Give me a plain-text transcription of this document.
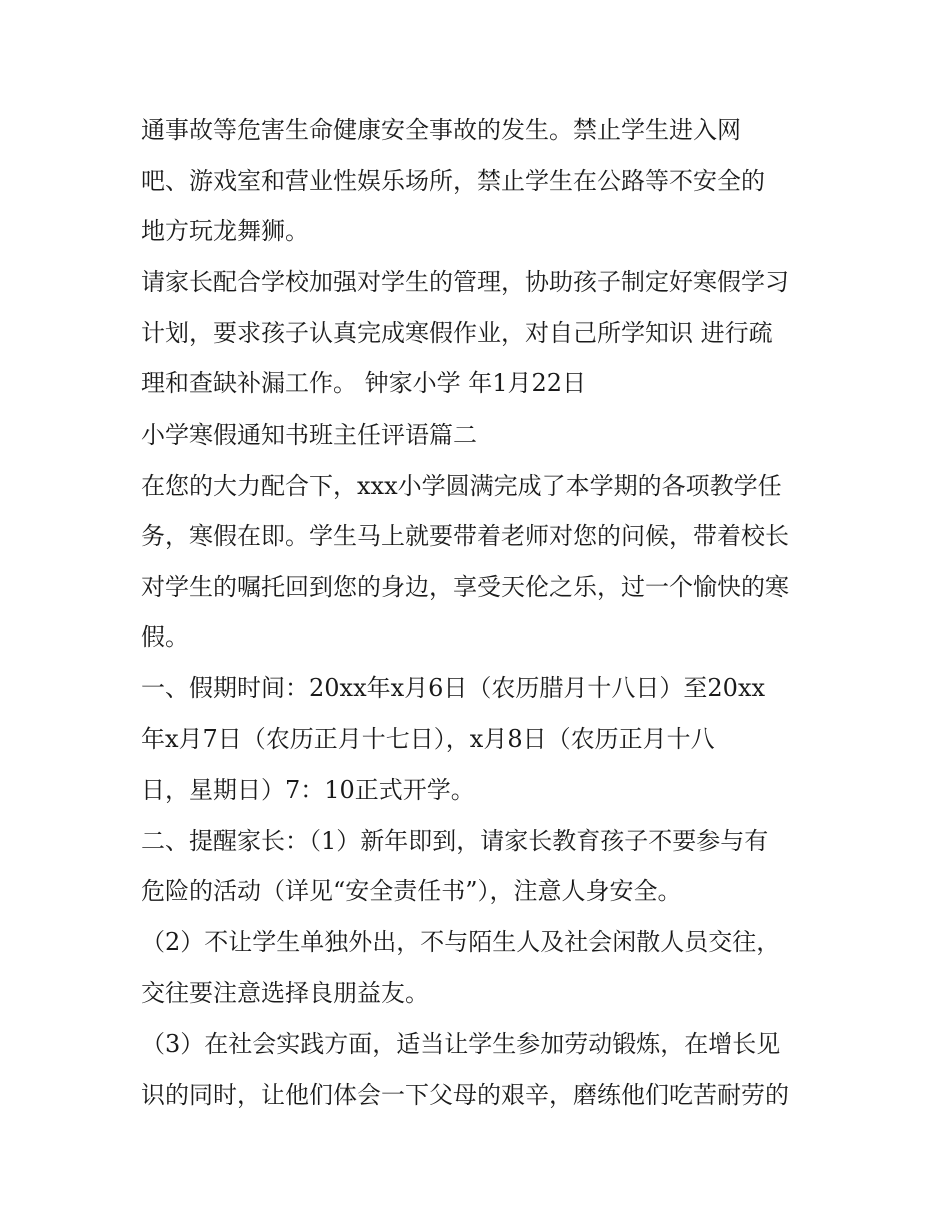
通事故等危害生命健康安全事故的发生。禁止学生进入网
吧、游戏室和营业性娱乐场所，禁止学生在公路等不安全的
地方玩龙舞狮。
请家长配合学校加强对学生的管理，协助孩子制定好寒假学习
计划，要求孩子认真完成寒假作业，对自己所学知识 进行疏
理和查缺补漏工作。 钟家小学 年1月22日
小学寒假通知书班主任评语篇二
在您的大力配合下，xxx小学圆满完成了本学期的各项教学任
务，寒假在即。学生马上就要带着老师对您的问候，带着校长
对学生的嘱托回到您的身边，享受天伦之乐，过一个愉快的寒
假。
一、假期时间：20xx年x月6日（农历腊月十八日）至20xx
年x月7日（农历正月十七日），x月8日（农历正月十八
日，星期日）7：10正式开学。
二、提醒家长：（1）新年即到，请家长教育孩子不要参与有
危险的活动（详见“安全责任书”），注意人身安全。
（2）不让学生单独外出，不与陌生人及社会闲散人员交往，
交往要注意选择良朋益友。
（3）在社会实践方面，适当让学生参加劳动锻炼，在增长见
识的同时，让他们体会一下父母的艰辛，磨练他们吃苦耐劳的
